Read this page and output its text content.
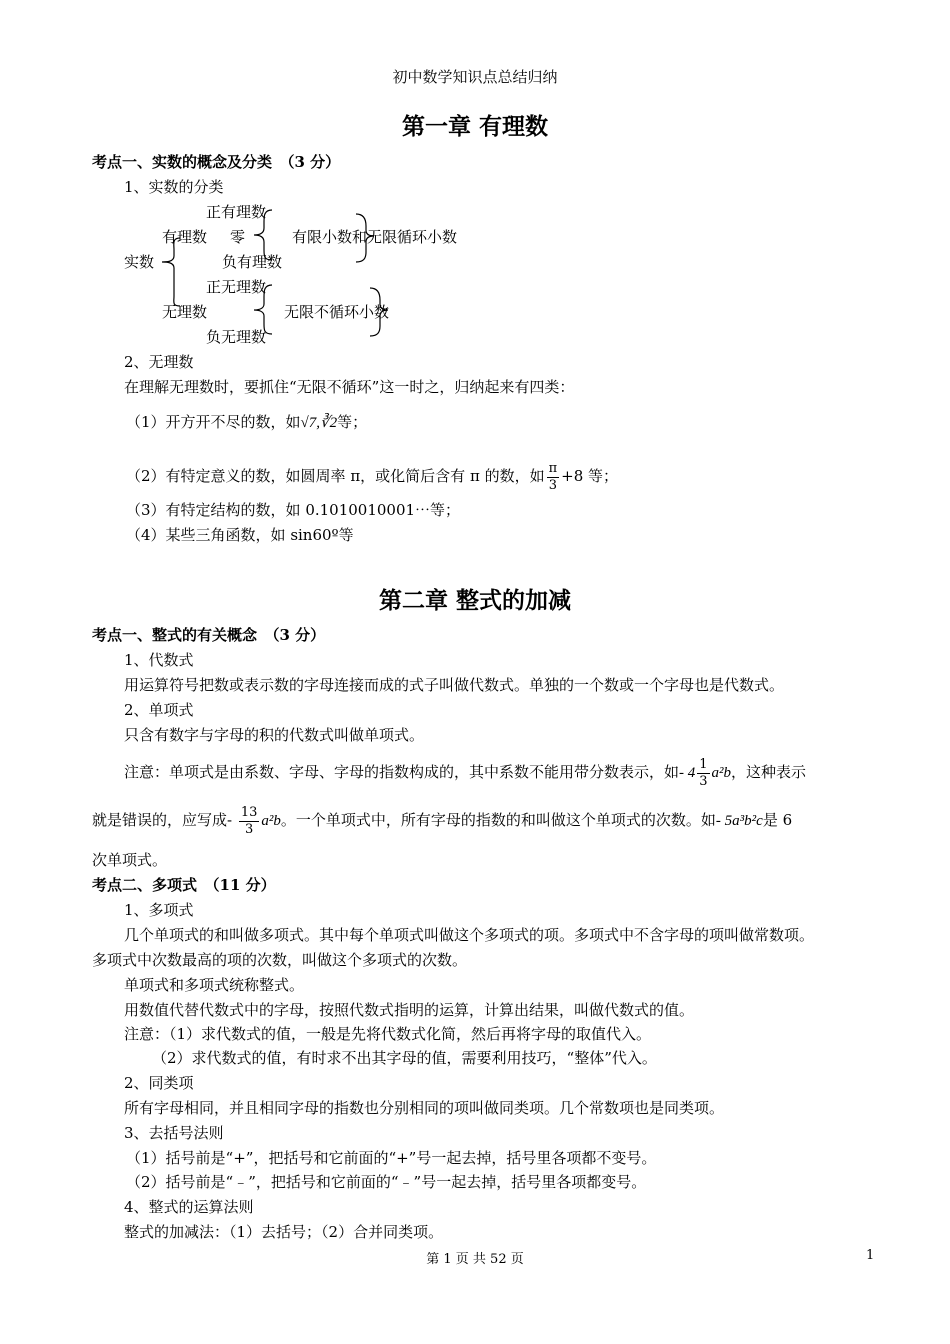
初中数学知识点总结归纳
第一章 有理数
考点一、实数的概念及分类　（3 分）
1、实数的分类
正有理数
有理数 零	有限小数和无限循环小数
实数	负有理数
正无理数
无理数	无限不循环小数
负无理数
2、无理数
在理解无理数时，要抓住“无限不循环”这一时之，归纳起来有四类：
（1）开方开不尽的数，如√7,∛2等；
（2）有特定意义的数，如圆周率 π，或化简后含有 π 的数，如 $\frac{\pi}{3} +8$ 等；
（3）有特定结构的数，如 0.1010010001⋯等；
（4）某些三角函数，如 sin60º等
第二章 整式的加减
考点一、整式的有关概念　（3 分）
1、代数式
用运算符号把数或表示数的字母连接而成的式子叫做代数式。单独的一个数或一个字母也是代数式。
2、单项式
只含有数字与字母的积的代数式叫做单项式。
注意：单项式是由系数、字母、字母的指数构成的，其中系数不能用带分数表示，如- $4 \frac{1}{3} a^2b$，这种表示
就是错误的，应写成- $\frac{13}{3} a^2b$。一个单项式中，所有字母的指数的和叫做这个单项式的次数。如- 5a³b²c是 6
次单项式。
考点二、多项式　（11 分）
1、多项式
几个单项式的和叫做多项式。其中每个单项式叫做这个多项式的项。多项式中不含字母的项叫做常数项。
多项式中次数最高的项的次数，叫做这个多项式的次数。
单项式和多项式统称整式。
用数值代替代数式中的字母，按照代数式指明的运算，计算出结果，叫做代数式的值。
注意：（1）求代数式的值，一般是先将代数式化简，然后再将字母的取值代入。
（2）求代数式的值，有时求不出其字母的值，需要利用技巧，“整体”代入。
2、同类项
所有字母相同，并且相同字母的指数也分别相同的项叫做同类项。几个常数项也是同类项。
3、去括号法则
（1）括号前是“+”，把括号和它前面的“+”号一起去掉，括号里各项都不变号。
（2）括号前是“﹣”，把括号和它前面的“﹣”号一起去掉，括号里各项都变号。
4、整式的运算法则
整式的加减法：（1）去括号；（2）合并同类项。
第 1 页 共 52 页	1
